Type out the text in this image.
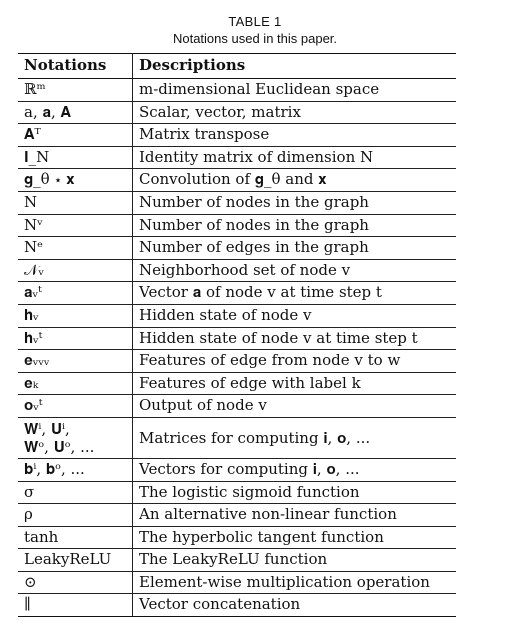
TABLE 1
Notations used in this paper.
Notations	Descriptions
ℝᵐ	m-dimensional Euclidean space
a, 𝐚, 𝐀	Scalar, vector, matrix
𝐀ᵀ	Matrix transpose
𝐈_N	Identity matrix of dimension N
𝐠_θ ⋆ 𝐱	Convolution of 𝐠_θ and 𝐱
N	Number of nodes in the graph
Nᵛ	Number of nodes in the graph
Nᵉ	Number of edges in the graph
𝒩ᵥ	Neighborhood set of node v
𝐚ᵥᵗ	Vector 𝐚 of node v at time step t
𝐡ᵥ	Hidden state of node v
𝐡ᵥᵗ	Hidden state of node v at time step t
𝐞ᵥᵥᵥ	Features of edge from node v to w
𝐞ₖ	Features of edge with label k
𝐨ᵥᵗ	Output of node v
𝐖ⁱ, 𝐔ⁱ,
𝐖ᵒ, 𝐔ᵒ, ...	Matrices for computing 𝐢, 𝐨, ...
𝐛ⁱ, 𝐛ᵒ, ...	Vectors for computing 𝐢, 𝐨, ...
σ	The logistic sigmoid function
ρ	An alternative non-linear function
tanh	The hyperbolic tangent function
LeakyReLU	The LeakyReLU function
⊙	Element-wise multiplication operation
∥	Vector concatenation
